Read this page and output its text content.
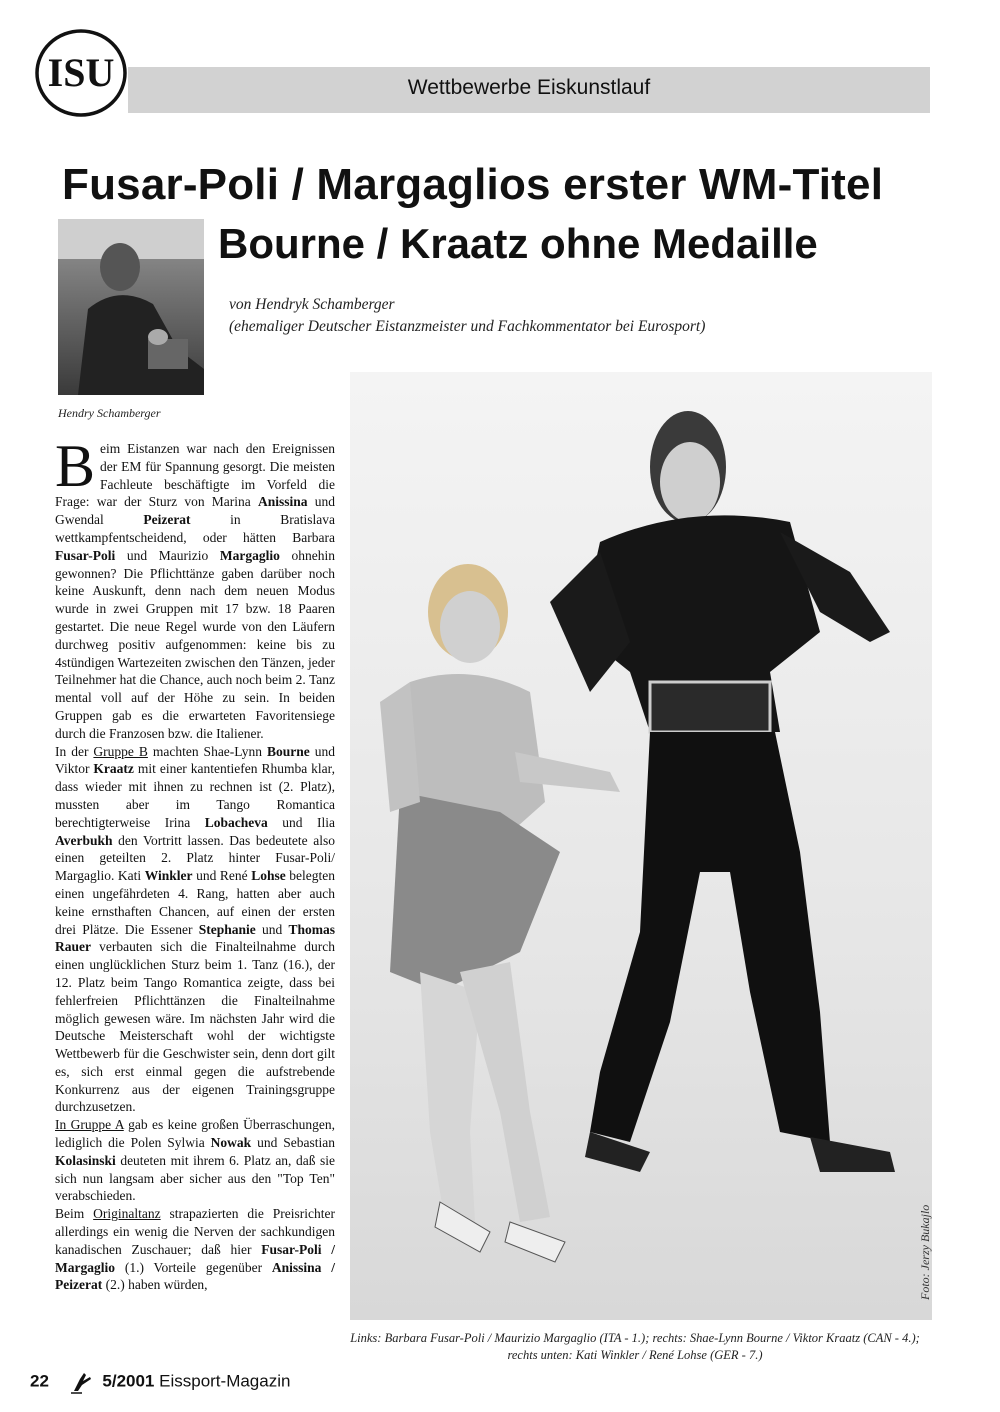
ISU	Wettbewerbe Eiskunstlauf
Fusar-Poli / Margaglios erster WM-Titel
Bourne / Kraatz ohne Medaille
Hendry Schamberger
von Hendryk Schamberger
(ehemaliger Deutscher Eistanzmeister und Fachkommentator bei Eurosport)
Foto: Jerzy Bukajlo
Links: Barbara Fusar-Poli / Maurizio Margaglio (ITA - 1.); rechts: Shae-Lynn Bourne / Viktor Kraatz (CAN - 4.); rechts unten: Kati Winkler / René Lohse (GER - 7.)

Beim Eistanzen war nach den Ereignissen der EM für Spannung gesorgt. Die meisten Fachleute beschäftigte im Vorfeld die Frage: war der Sturz von Marina Anissina und Gwendal Peizerat in Bratislava wettkampfentscheidend, oder hätten Barbara Fusar-Poli und Maurizio Margaglio ohnehin gewonnen? Die Pflichttänze gaben darüber noch keine Auskunft, denn nach dem neuen Modus wurde in zwei Gruppen mit 17 bzw. 18 Paaren gestartet. Die neue Regel wurde von den Läufern durchweg positiv aufgenommen: keine bis zu 4stündigen Wartezeiten zwischen den Tänzen, jeder Teilnehmer hat die Chance, auch noch beim 2. Tanz mental voll auf der Höhe zu sein. In beiden Gruppen gab es die erwarteten Favoritensiege durch die Franzosen bzw. die Italiener.

In der Gruppe B machten Shae-Lynn Bourne und Viktor Kraatz mit einer kantentiefen Rhumba klar, dass wieder mit ihnen zu rechnen ist (2. Platz), mussten aber im Tango Romantica berechtigterweise Irina Lobacheva und Ilia Averbukh den Vortritt lassen. Das bedeutete also einen geteilten 2. Platz hinter Fusar-Poli/ Margaglio. Kati Winkler und René Lohse belegten einen ungefährdeten 4. Rang, hatten aber auch keine ernsthaften Chancen, auf einen der ersten drei Plätze. Die Essener Stephanie und Thomas Rauer verbauten sich die Finalteilnahme durch einen unglücklichen Sturz beim 1. Tanz (16.), der 12. Platz beim Tango Romantica zeigte, dass bei fehlerfreien Pflichttänzen die Finalteilnahme möglich gewesen wäre. Im nächsten Jahr wird die Deutsche Meisterschaft wohl der wichtigste Wettbewerb für die Geschwister sein, denn dort gilt es, sich erst einmal gegen die aufstrebende Konkurrenz aus der eigenen Trainingsgruppe durchzusetzen.

In Gruppe A gab es keine großen Überraschungen, lediglich die Polen Sylwia Nowak und Sebastian Kolasinski deuteten mit ihrem 6. Platz an, daß sie sich nun langsam aber sicher aus den "Top Ten" verabschieden.

Beim Originaltanz strapazierten die Preisrichter allerdings ein wenig die Nerven der sachkundigen kanadischen Zuschauer; daß hier Fusar-Poli / Margaglio (1.) Vorteile gegenüber Anissina / Peizerat (2.) haben würden,

22	5/2001 Eissport-Magazin
